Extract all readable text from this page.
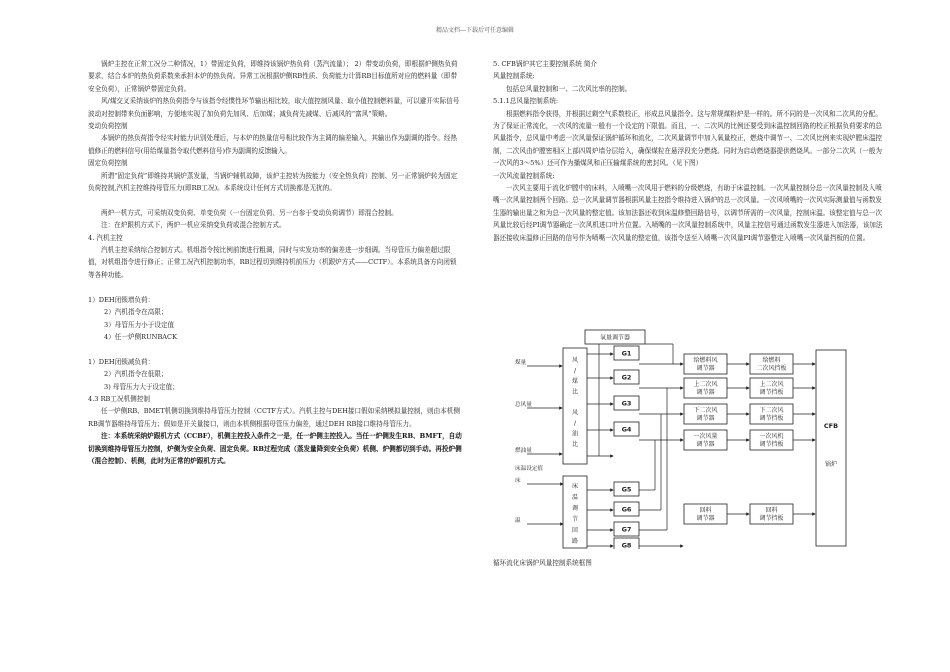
精品文档---下载后可任意编辑

锅炉主控在正常工况分二种情况，1）带固定负荷，即维持该锅炉热负荷（蒸汽流量）； 2）带变动负荷，即根据炉侧热负荷要求，结合本炉的热负荷系数来承担本炉的热负荷。异常工况根据炉侧RB性质、负荷能力计算RB目标值所对应的燃料量（即带安全负荷），正常锅炉带固定负荷。

风/煤交叉采纳该炉的热负荷指令与该指令经惯性环节输出相比较，取大值控制风量、取小值控制燃料量，可以避开实际信号波动对控制带来负面影响，方便地实现了加负荷先加风、后加煤；减负荷先减煤、后减风的“富风”策略。

变动负荷控制

本锅炉的热负荷指令经实时能力识别处理后，与本炉的热量信号相比较作为主调的偏差输入，其输出作为副调的指令。经热值修正的燃料信号(用给煤量指令取代燃料信号)作为副调的反馈输入。

固定负荷控制

所谓“固定负荷”即维持其锅炉蒸发量，当锅炉辅机故障，该炉主控转为按能力（安全热负荷）控制、另一正常锅炉转为固定负荷控制,汽机主控维持母管压力(即RB工况)。本系统设计任何方式切换都是无扰的。

两炉一机方式，可采纳双变负荷、单变负荷（一台固定负荷、另一台参于变动负荷调节）即混合控制。

注：在炉跟机方式下，两炉一机应采纳变负荷或混合控制方式。

4. 汽机主控

汽机主控采纳综合控制方式。机组指令按比例前馈进行粗调，同时与实发功率的偏差进一步细调。当母管压力偏差超过限值，对机组指令进行修正；正常工况汽机控制功率，RB过程切到维持机前压力（机跟炉方式——CCTF）。本系统具备方向闭锁等各种功能。

1）DEH闭锁增负荷：

2）汽机指令在高限；

3）母管压力小于设定值

4）任一炉侧RUNBACK

1）DEH闭锁减负荷：

2）汽机指令在低限；

3) 母管压力大于设定值；

4.3 RB工况机侧控制

任一炉侧RB、BMET机侧切换到维持母管压力控制（CCTF方式）。汽机主控与DEH接口假如采纳模拟量控制，则由本机侧RB调节器维持母管压力；假如是开关量接口，则由本机侧根据母管压力偏差，通过DEH RB接口维持母管压力。

注：本系统采纳炉跟机方式（CCBF），机侧主控投入条件之一是，任一炉侧主控投入。当任一炉侧发生RB、BMFT，自动切换到维持母管压力控制，炉侧为安全负荷、固定负荷。RB过程完成（蒸发量降到安全负荷）机侧、炉侧都切到手动。再投炉侧（混合控制）、机侧，此时为正常的炉跟机方式。

5. CFB锅炉其它主要控制系统 简介

风量控制系统:

包括总风量控制和一、二次风比率的控制。

5.1.1总风量控制系统:

根据燃料指令获得，并根据过剩空气系数校正，形成总风量指令。这与常规煤粉炉是一样的。所不同的是一次风和二次风的分配。为了保证正常流化，一次风的流量一般有一个设定的下限值。而且，一、二次风的比例还要受到床温控制回路的校正根据负荷要求的总风量指令，总风量中考虑一次风量保证锅炉循环和流化，二次风量调节中加入氧量校正，燃烧中调节一、二次风比例来实现炉膛床温控制，二次风由炉膛密相区上部四周炉墙分层给入，确保煤粒在悬浮段充分燃烧。同时为启动燃烧器提供燃烧风。一部分二次风（一般为一次风的3～5%）还可作为播煤风和正压输煤系统的密封风。（见下图）

一次风流量控制系统:

一次风主要用于流化炉膛中的床料，入喷嘴一次风用于燃料的分级燃烧，有助于床温控制。一次风量控制分总一次风量控制及入喷嘴一次风量控制两个回路。总一次风量调节器根据风量主控指令维持进入锅炉的总一次风量。一次风喷嘴的一次风实际测量值与函数发生器的输出量之和为总一次风量的整定值。该加法器还收到床温修整回路信号，以调节所需的一次风量，控制床温。该整定值与总一次风量比较后经PI调节器确定一次风机进口叶片位置。入喷嘴的一次风量控制系统中，风量主控信号通过函数发生器进入加法器，该加法器还接收床温修正回路的信号作为喷嘴一次风量的整定值，该指令送至入喷嘴一次风量PI调节器整定入喷嘴一次风量挡板的位置。

氧量调节器
煤量
总风量
燃油量
床温设定值
床
温
风
/
煤
比
风
/
油
比
床
温
调
节
回
路
G1
G2
G3
G4
G5
G6
G7
G8
给燃料风
调节器
上二次风
调节器
下二次风
调节器
一次风量
调节器
回料
调节器
给燃料
二次风挡板
上二次风
调节挡板
下二次风
调节挡板
一次风机
调节挡板
回料
调节挡板
CFB
锅炉
循环流化床锅炉风量控制系统框图
